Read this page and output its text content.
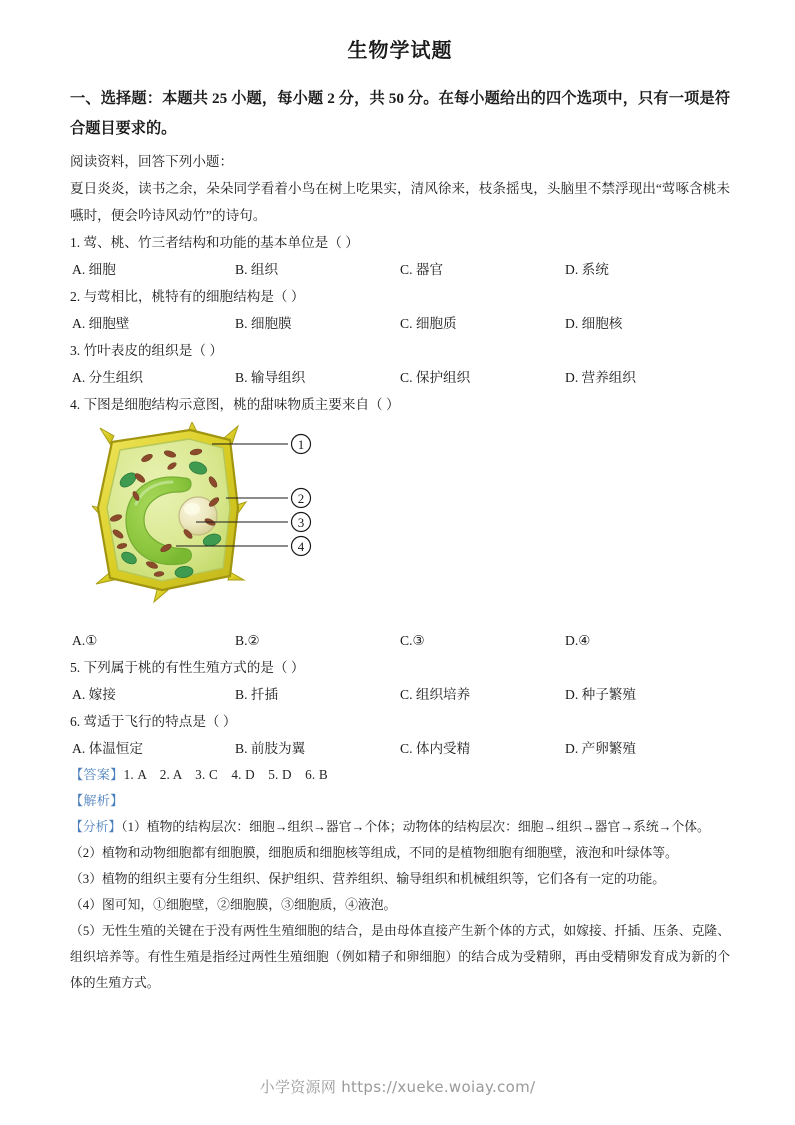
生物学试题
一、选择题：本题共 25 小题，每小题 2 分，共 50 分。在每小题给出的四个选项中，只有一项是符合题目要求的。
阅读资料，回答下列小题：
夏日炎炎，读书之余，朵朵同学看着小鸟在树上吃果实，清风徐来，枝条摇曳，头脑里不禁浮现出“莺啄含桃未嚥时，便会吟诗风动竹”的诗句。
1. 莺、桃、竹三者结构和功能的基本单位是（ ）
A. 细胞	B. 组织	C. 器官	D. 系统
2. 与莺相比，桃特有的细胞结构是（ ）
A. 细胞壁	B. 细胞膜	C. 细胞质	D. 细胞核
3. 竹叶表皮的组织是（ ）
A. 分生组织	B. 输导组织	C. 保护组织	D. 营养组织
4. 下图是细胞结构示意图，桃的甜味物质主要来自（ ）
1
2
3
4
A.①	B.②	C.③	D.④
5. 下列属于桃的有性生殖方式的是（ ）
A. 嫁接	B. 扦插	C. 组织培养	D. 种子繁殖
6. 莺适于飞行的特点是（ ）
A. 体温恒定	B. 前肢为翼	C. 体内受精	D. 产卵繁殖
【答案】1. A　2. A　3. C　4. D　5. D　6. B
【解析】
【分析】（1）植物的结构层次：细胞→组织→器官→个体；动物体的结构层次：细胞→组织→器官→系统→个体。
（2）植物和动物细胞都有细胞膜，细胞质和细胞核等组成，不同的是植物细胞有细胞壁，液泡和叶绿体等。
（3）植物的组织主要有分生组织、保护组织、营养组织、输导组织和机械组织等，它们各有一定的功能。
（4）图可知，①细胞壁，②细胞膜，③细胞质，④液泡。
（5）无性生殖的关键在于没有两性生殖细胞的结合，是由母体直接产生新个体的方式，如嫁接、扦插、压条、克隆、组织培养等。有性生殖是指经过两性生殖细胞（例如精子和卵细胞）的结合成为受精卵，再由受精卵发育成为新的个体的生殖方式。
小学资源网 https://xueke.woiay.com/
